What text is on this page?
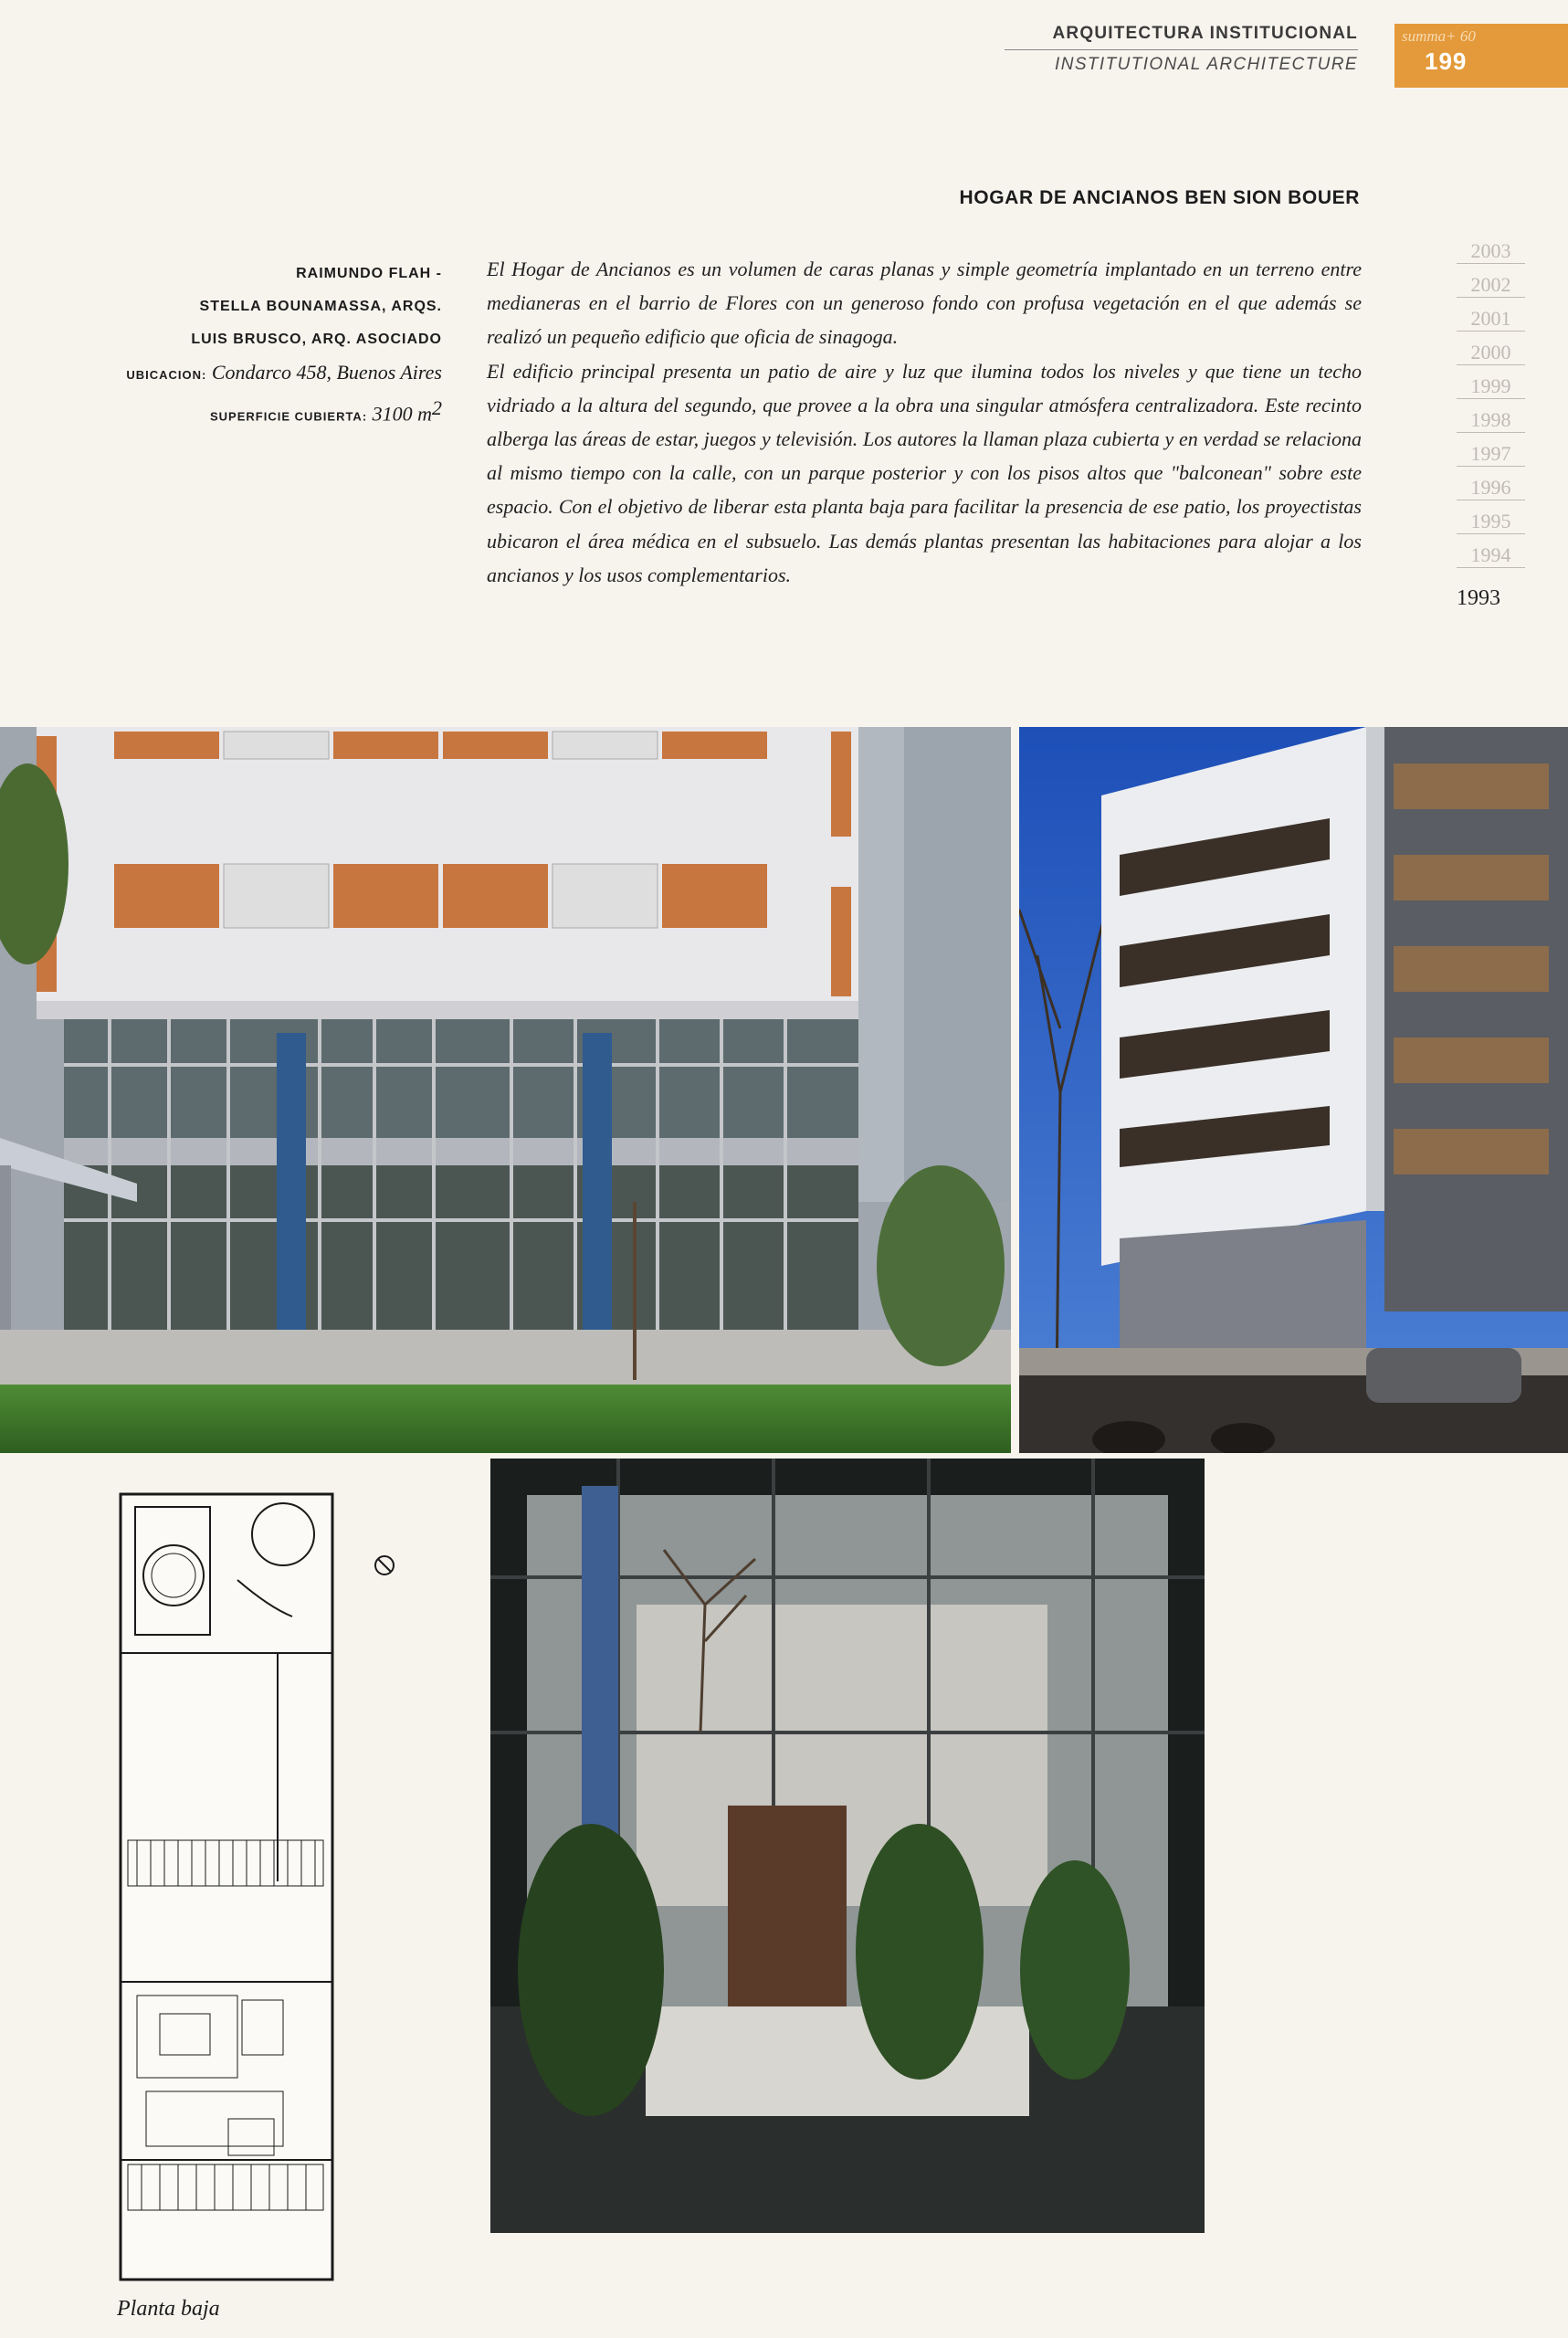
ARQUITECTURA INSTITUCIONAL
INSTITUTIONAL ARCHITECTURE
summa+ 60
199
HOGAR DE ANCIANOS BEN SION BOUER
RAIMUNDO FLAH -
STELLA BOUNAMASSA, ARQS.
LUIS BRUSCO, ARQ. ASOCIADO
UBICACION: Condarco 458, Buenos Aires
SUPERFICIE CUBIERTA: 3100 $m^2$

El Hogar de Ancianos es un volumen de caras planas y simple geometría implantado en un terreno entre medianeras en el barrio de Flores con un generoso fondo con profusa vegetación en el que además se realizó un pequeño edificio que oficia de sinagoga.

El edificio principal presenta un patio de aire y luz que ilumina todos los niveles y que tiene un techo vidriado a la altura del segundo, que provee a la obra una singular atmósfera centralizadora. Este recinto alberga las áreas de estar, juegos y televisión. Los autores la llaman plaza cubierta y en verdad se relaciona al mismo tiempo con la calle, con un parque posterior y con los pisos altos que "balconean" sobre este espacio. Con el objetivo de liberar esta planta baja para facilitar la presencia de ese patio, los proyectistas ubicaron el área médica en el subsuelo. Las demás plantas presentan las habitaciones para alojar a los ancianos y los usos complementarios.

2003
2002
2001
2000
1999
1998
1997
1996
1995
1994
1993
Planta baja
